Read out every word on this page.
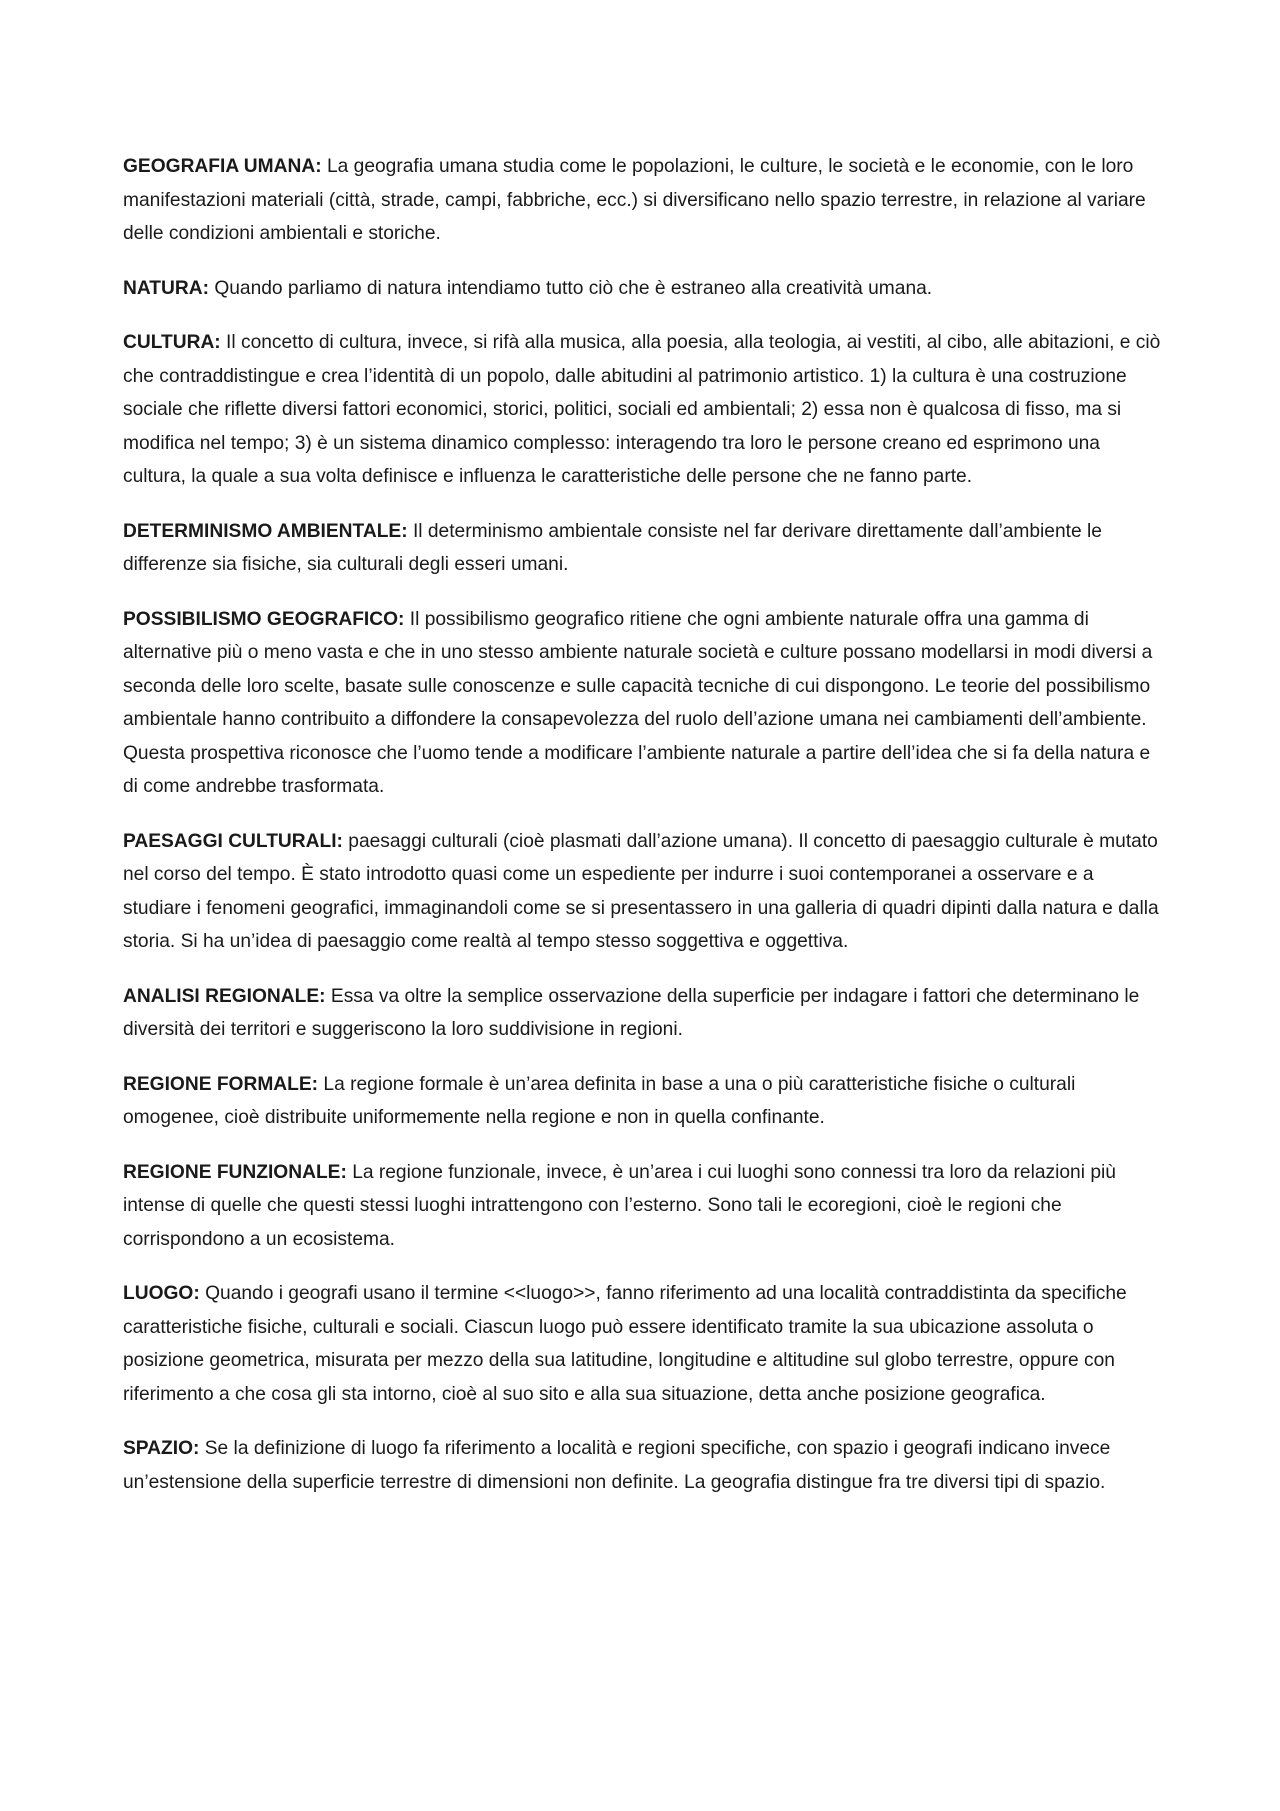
GEOGRAFIA UMANA: La geografia umana studia come le popolazioni, le culture, le società e le economie, con le loro manifestazioni materiali (città, strade, campi, fabbriche, ecc.) si diversificano nello spazio terrestre, in relazione al variare delle condizioni ambientali e storiche.

NATURA: Quando parliamo di natura intendiamo tutto ciò che è estraneo alla creatività umana.

CULTURA: Il concetto di cultura, invece, si rifà alla musica, alla poesia, alla teologia, ai vestiti, al cibo, alle abitazioni, e ciò che contraddistingue e crea l’identità di un popolo, dalle abitudini al patrimonio artistico. 1) la cultura è una costruzione sociale che riflette diversi fattori economici, storici, politici, sociali ed ambientali; 2) essa non è qualcosa di fisso, ma si modifica nel tempo; 3) è un sistema dinamico complesso: interagendo tra loro le persone creano ed esprimono una cultura, la quale a sua volta definisce e influenza le caratteristiche delle persone che ne fanno parte.

DETERMINISMO AMBIENTALE: Il determinismo ambientale consiste nel far derivare direttamente dall’ambiente le differenze sia fisiche, sia culturali degli esseri umani.

POSSIBILISMO GEOGRAFICO: Il possibilismo geografico ritiene che ogni ambiente naturale offra una gamma di alternative più o meno vasta e che in uno stesso ambiente naturale società e culture possano modellarsi in modi diversi a seconda delle loro scelte, basate sulle conoscenze e sulle capacità tecniche di cui dispongono. Le teorie del possibilismo ambientale hanno contribuito a diffondere la consapevolezza del ruolo dell’azione umana nei cambiamenti dell’ambiente. Questa prospettiva riconosce che l’uomo tende a modificare l’ambiente naturale a partire dell’idea che si fa della natura e di come andrebbe trasformata.

PAESAGGI CULTURALI: paesaggi culturali (cioè plasmati dall’azione umana). Il concetto di paesaggio culturale è mutato nel corso del tempo. È stato introdotto quasi come un espediente per indurre i suoi contemporanei a osservare e a studiare i fenomeni geografici, immaginandoli come se si presentassero in una galleria di quadri dipinti dalla natura e dalla storia. Si ha un’idea di paesaggio come realtà al tempo stesso soggettiva e oggettiva.

ANALISI REGIONALE: Essa va oltre la semplice osservazione della superficie per indagare i fattori che determinano le diversità dei territori e suggeriscono la loro suddivisione in regioni.

REGIONE FORMALE: La regione formale è un’area definita in base a una o più caratteristiche fisiche o culturali omogenee, cioè distribuite uniformemente nella regione e non in quella confinante.

REGIONE FUNZIONALE: La regione funzionale, invece, è un’area i cui luoghi sono connessi tra loro da relazioni più intense di quelle che questi stessi luoghi intrattengono con l’esterno. Sono tali le ecoregioni, cioè le regioni che corrispondono a un ecosistema.

LUOGO: Quando i geografi usano il termine <<luogo>>, fanno riferimento ad una località contraddistinta da specifiche caratteristiche fisiche, culturali e sociali. Ciascun luogo può essere identificato tramite la sua ubicazione assoluta o posizione geometrica, misurata per mezzo della sua latitudine, longitudine e altitudine sul globo terrestre, oppure con riferimento a che cosa gli sta intorno, cioè al suo sito e alla sua situazione, detta anche posizione geografica.

SPAZIO: Se la definizione di luogo fa riferimento a località e regioni specifiche, con spazio i geografi indicano invece un’estensione della superficie terrestre di dimensioni non definite. La geografia distingue fra tre diversi tipi di spazio.
